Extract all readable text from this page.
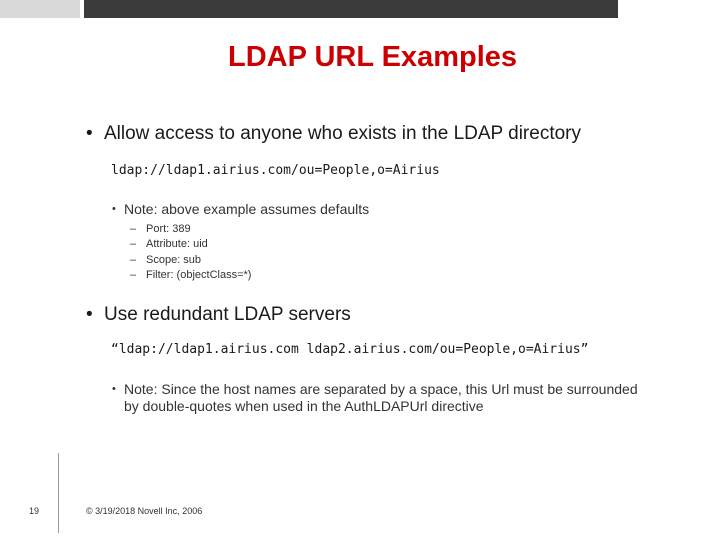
LDAP URL Examples
• Allow access to anyone who exists in the LDAP directory
ldap://ldap1.airius.com/ou=People,o=Airius
• Note: above example assumes defaults
– Port: 389
– Attribute: uid
– Scope: sub
– Filter: (objectClass=*)
• Use redundant LDAP servers
“ldap://ldap1.airius.com ldap2.airius.com/ou=People,o=Airius”
• Note: Since the host names are separated by a space, this Url must be surrounded by double-quotes when used in the AuthLDAPUrl directive
19	© 3/19/2018 Novell Inc, 2006
